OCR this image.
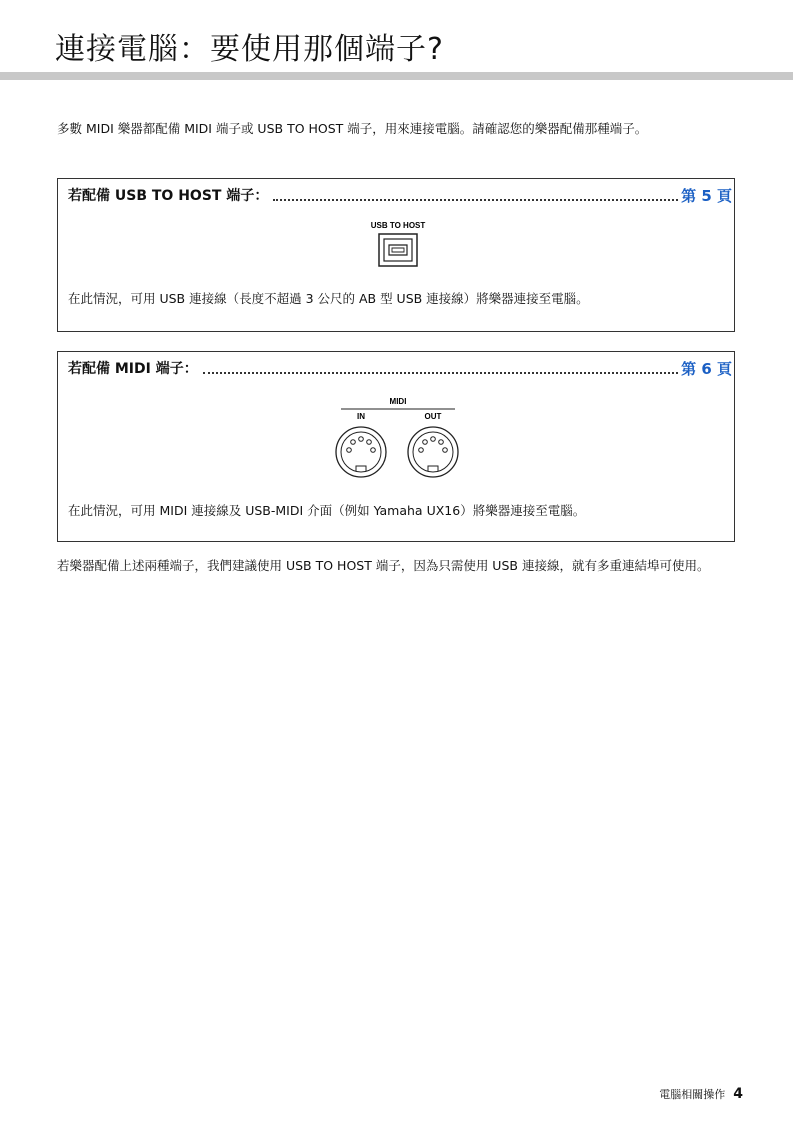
連接電腦：要使用那個端子?
多數 MIDI 樂器都配備 MIDI 端子或 USB TO HOST 端子，用來連接電腦。請確認您的樂器配備那種端子。
若配備 USB TO HOST 端子：	第 5 頁
USB TO HOST
在此情況，可用 USB 連接線（長度不超過 3 公尺的 AB 型 USB 連接線）將樂器連接至電腦。
若配備 MIDI 端子：	第 6 頁
MIDI
IN	OUT
在此情況，可用 MIDI 連接線及 USB-MIDI 介面（例如 Yamaha UX16）將樂器連接至電腦。
若樂器配備上述兩種端子，我們建議使用 USB TO HOST 端子，因為只需使用 USB 連接線，就有多重連結埠可使用。
電腦相關操作 4
